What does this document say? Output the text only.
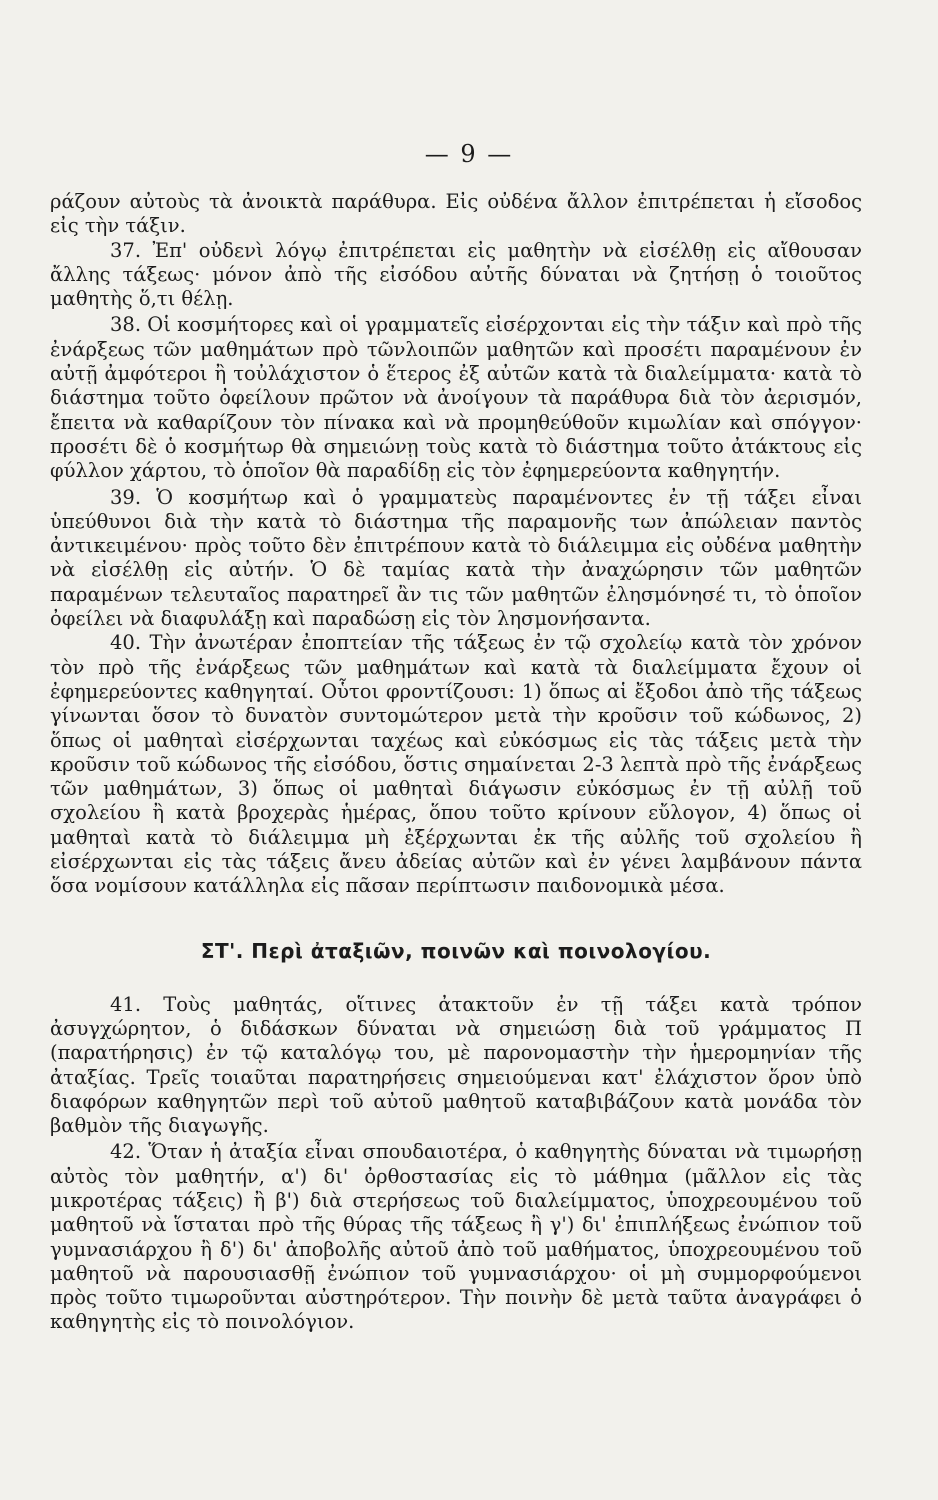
— 9 —

ράζουν αὐτοὺς τὰ ἀνοικτὰ παράθυρα. Εἰς οὐδένα ἄλλον ἐπιτρέπεται ἡ εἴσοδος εἰς τὴν τάξιν.

37. Ἐπ' οὐδενὶ λόγῳ ἐπιτρέπεται εἰς μαθητὴν νὰ εἰσέλθῃ εἰς αἴθουσαν ἄλλης τάξεως· μόνον ἀπὸ τῆς εἰσόδου αὐτῆς δύναται νὰ ζητήσῃ ὁ τοιοῦτος μαθητὴς ὅ,τι θέλῃ.

38. Οἱ κοσμήτορες καὶ οἱ γραμματεῖς εἰσέρχονται εἰς τὴν τάξιν καὶ πρὸ τῆς ἐνάρξεως τῶν μαθημάτων πρὸ τῶνλοιπῶν μαθητῶν καὶ προσέτι παραμένουν ἐν αὐτῇ ἀμφότεροι ἢ τοὐλάχιστον ὁ ἕτερος ἐξ αὐτῶν κατὰ τὰ διαλείμματα· κατὰ τὸ διάστημα τοῦτο ὀφείλουν πρῶτον νὰ ἀνοίγουν τὰ παράθυρα διὰ τὸν ἀερισμόν, ἔπειτα νὰ καθαρίζουν τὸν πίνακα καὶ νὰ προμηθεύθοῦν κιμωλίαν καὶ σπόγγον· προσέτι δὲ ὁ κοσμήτωρ θὰ σημειώνῃ τοὺς κατὰ τὸ διάστημα τοῦτο ἀτάκτους εἰς φύλλον χάρτου, τὸ ὁποῖον θὰ παραδίδῃ εἰς τὸν ἐφημερεύοντα καθηγητήν.

39. Ὁ κοσμήτωρ καὶ ὁ γραμματεὺς παραμένοντες ἐν τῇ τάξει εἶναι ὑπεύθυνοι διὰ τὴν κατὰ τὸ διάστημα τῆς παραμονῆς των ἀπώλειαν παντὸς ἀντικειμένου· πρὸς τοῦτο δὲν ἐπιτρέπουν κατὰ τὸ διάλειμμα εἰς οὐδένα μαθητὴν νὰ εἰσέλθῃ εἰς αὐτήν. Ὁ δὲ ταμίας κατὰ τὴν ἀναχώρησιν τῶν μαθητῶν παραμένων τελευταῖος παρατηρεῖ ἂν τις τῶν μαθητῶν ἐλησμόνησέ τι, τὸ ὁποῖον ὀφείλει νὰ διαφυλάξῃ καὶ παραδώσῃ εἰς τὸν λησμονήσαντα.

40. Τὴν ἀνωτέραν ἐποπτείαν τῆς τάξεως ἐν τῷ σχολείῳ κατὰ τὸν χρόνον τὸν πρὸ τῆς ἐνάρξεως τῶν μαθημάτων καὶ κατὰ τὰ διαλείμματα ἔχουν οἱ ἐφημερεύοντες καθηγηταί. Οὗτοι φροντίζουσι: 1) ὅπως αἱ ἔξοδοι ἀπὸ τῆς τάξεως γίνωνται ὅσον τὸ δυνατὸν συντομώτερον μετὰ τὴν κροῦσιν τοῦ κώδωνος, 2) ὅπως οἱ μαθηταὶ εἰσέρχωνται ταχέως καὶ εὐκόσμως εἰς τὰς τάξεις μετὰ τὴν κροῦσιν τοῦ κώδωνος τῆς εἰσόδου, ὅστις σημαίνεται 2-3 λεπτὰ πρὸ τῆς ἐνάρξεως τῶν μαθημάτων, 3) ὅπως οἱ μαθηταὶ διάγωσιν εὐκόσμως ἐν τῇ αὐλῇ τοῦ σχολείου ἢ κατὰ βροχερὰς ἡμέρας, ὅπου τοῦτο κρίνουν εὔλογον, 4) ὅπως οἱ μαθηταὶ κατὰ τὸ διάλειμμα μὴ ἐξέρχωνται ἐκ τῆς αὐλῆς τοῦ σχολείου ἢ εἰσέρχωνται εἰς τὰς τάξεις ἄνευ ἀδείας αὐτῶν καὶ ἐν γένει λαμβάνουν πάντα ὅσα νομίσουν κατάλληλα εἰς πᾶσαν περίπτωσιν παιδονομικὰ μέσα.

ΣΤ'. Περὶ ἀταξιῶν, ποινῶν καὶ ποινολογίου.

41. Τοὺς μαθητάς, οἵτινες ἀτακτοῦν ἐν τῇ τάξει κατὰ τρόπον ἀσυγχώρητον, ὁ διδάσκων δύναται νὰ σημειώσῃ διὰ τοῦ γράμματος Π (παρατήρησις) ἐν τῷ καταλόγῳ του, μὲ παρονομαστὴν τὴν ἡμερομηνίαν τῆς ἀταξίας. Τρεῖς τοιαῦται παρατηρήσεις σημειούμεναι κατ' ἐλάχιστον ὅρον ὑπὸ διαφόρων καθηγητῶν περὶ τοῦ αὐτοῦ μαθητοῦ καταβιβάζουν κατὰ μονάδα τὸν βαθμὸν τῆς διαγωγῆς.

42. Ὅταν ἡ ἀταξία εἶναι σπουδαιοτέρα, ὁ καθηγητὴς δύναται νὰ τιμωρήσῃ αὐτὸς τὸν μαθητήν, α') δι' ὀρθοστασίας εἰς τὸ μάθημα (μᾶλλον εἰς τὰς μικροτέρας τάξεις) ἢ β') διὰ στερήσεως τοῦ διαλείμματος, ὑποχρεουμένου τοῦ μαθητοῦ νὰ ἵσταται πρὸ τῆς θύρας τῆς τάξεως ἢ γ') δι' ἐπιπλήξεως ἐνώπιον τοῦ γυμνασιάρχου ἢ δ') δι' ἀποβολῆς αὐτοῦ ἀπὸ τοῦ μαθήματος, ὑποχρεουμένου τοῦ μαθητοῦ νὰ παρουσιασθῇ ἐνώπιον τοῦ γυμνασιάρχου· οἱ μὴ συμμορφούμενοι πρὸς τοῦτο τιμωροῦνται αὐστηρότερον. Τὴν ποινὴν δὲ μετὰ ταῦτα ἀναγράφει ὁ καθηγητὴς εἰς τὸ ποινολόγιον.
